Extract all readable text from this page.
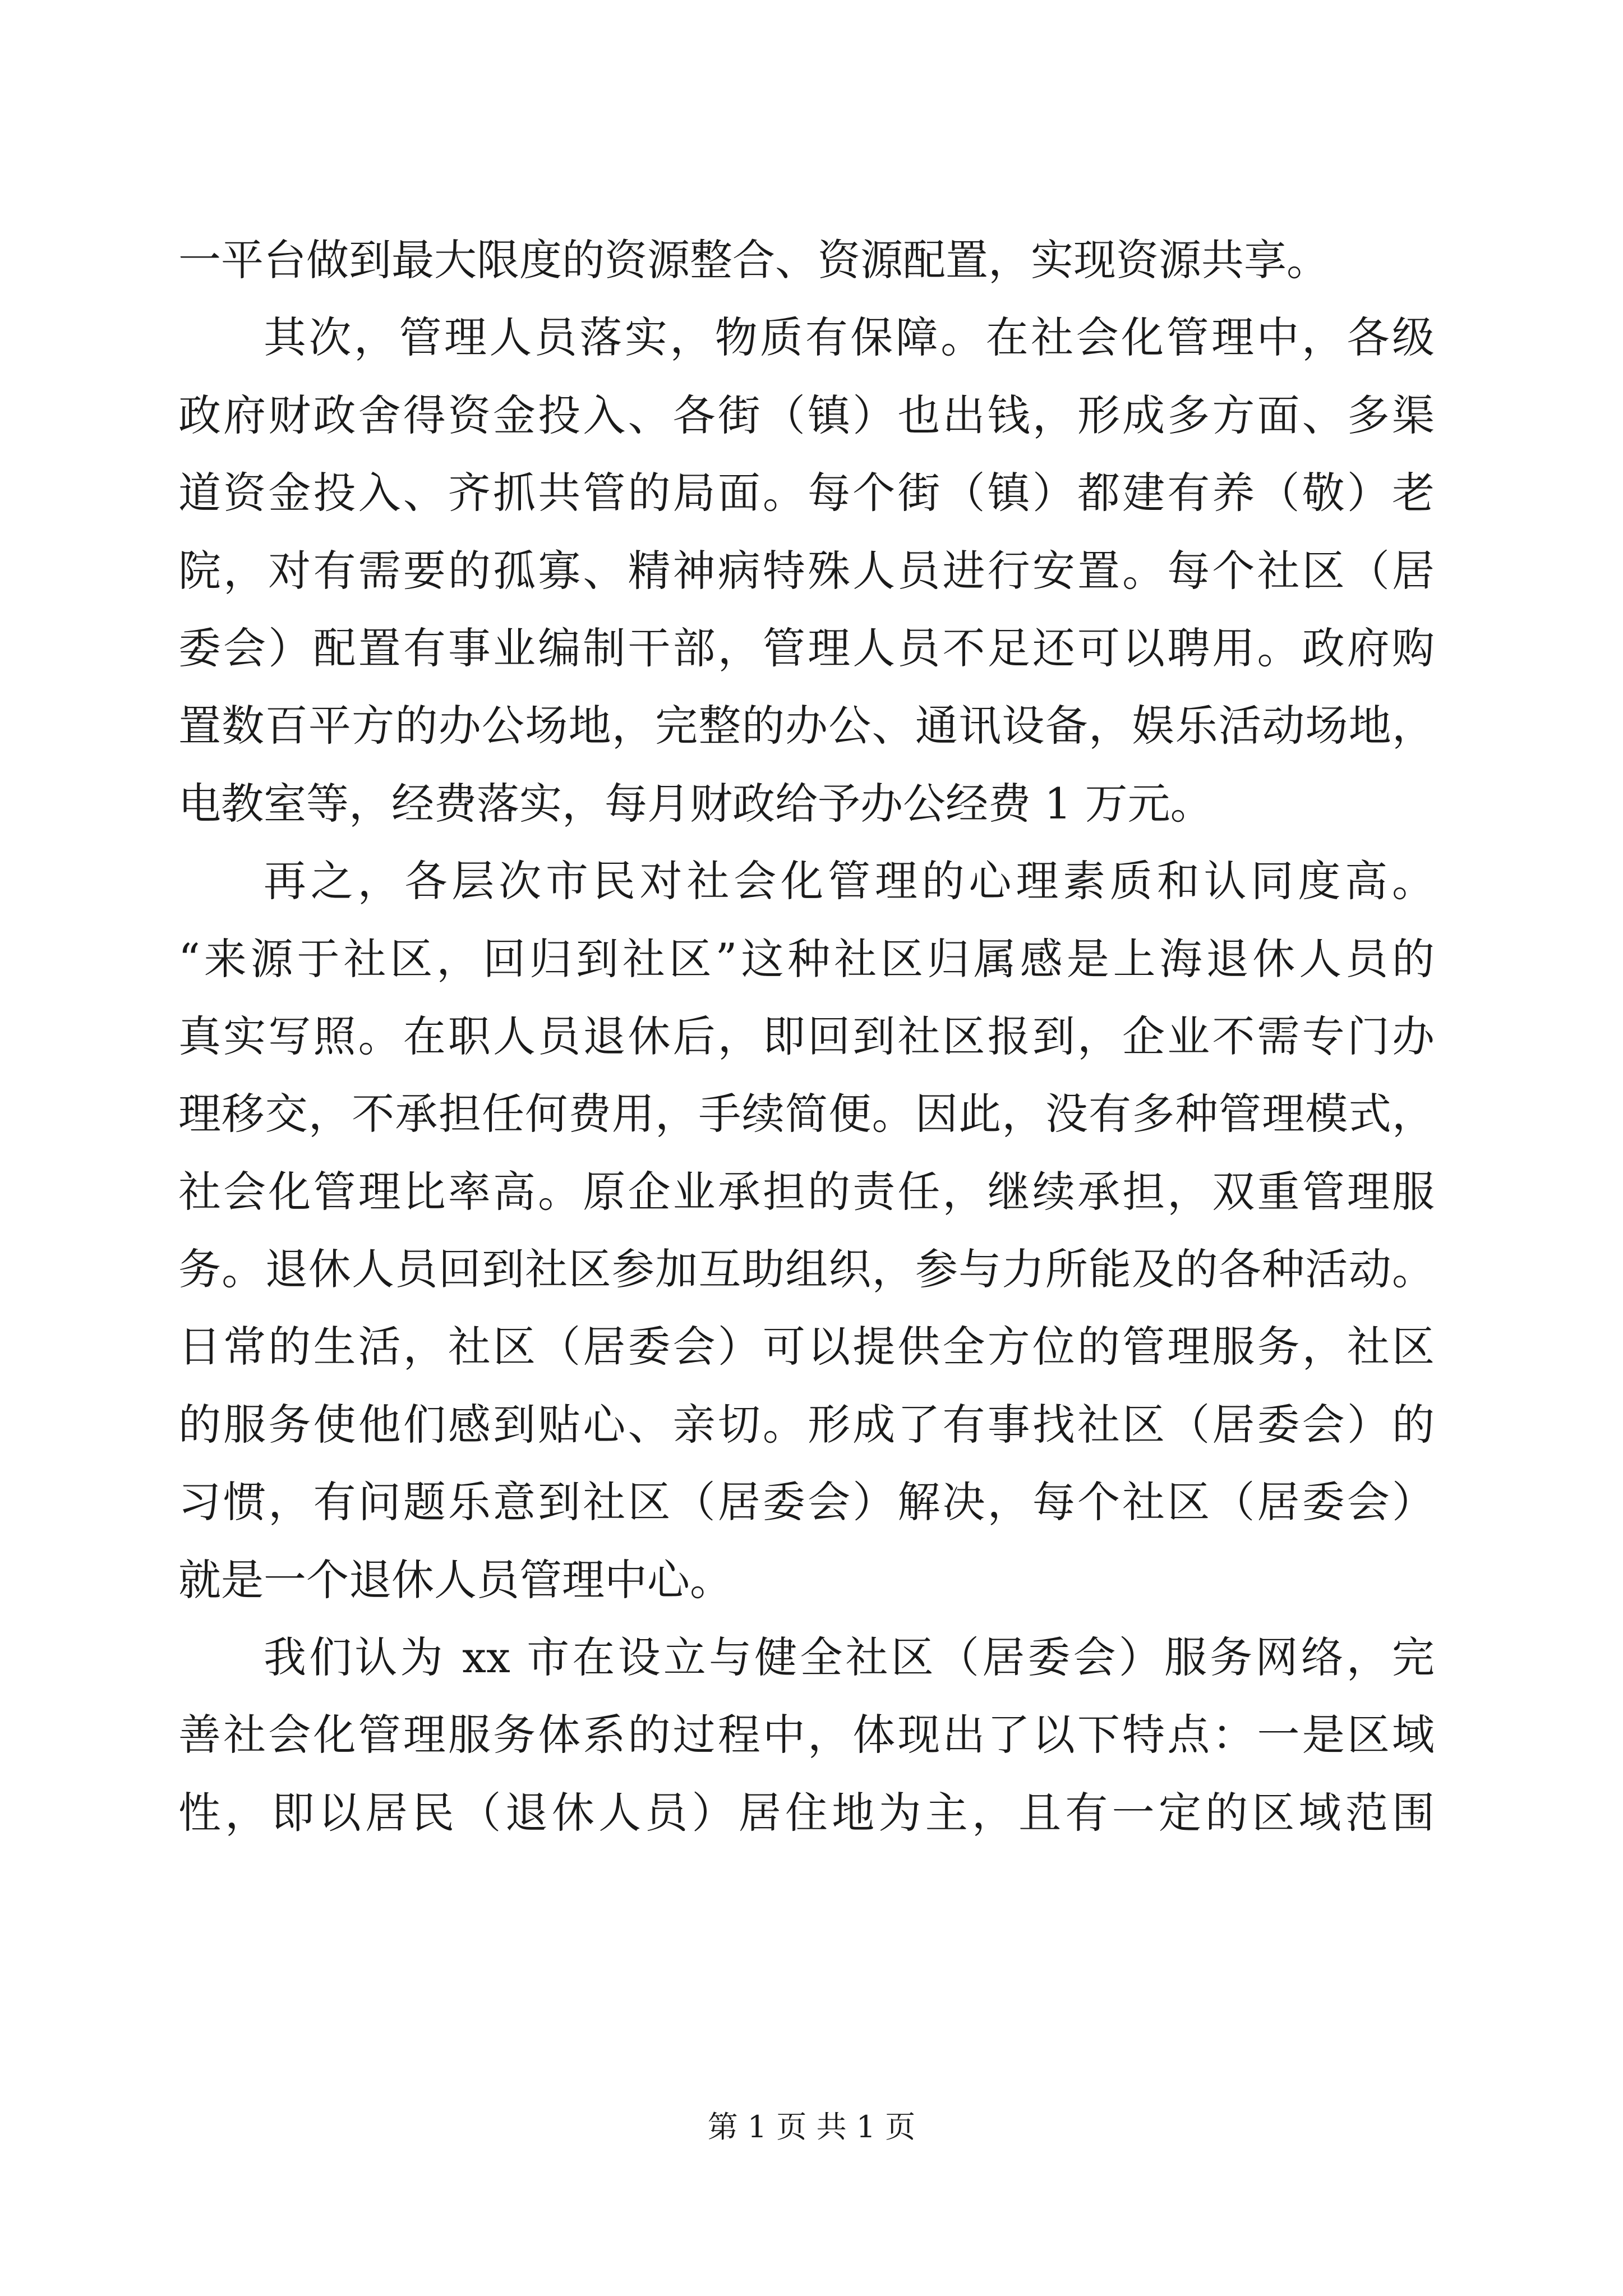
一平台做到最大限度的资源整合、资源配置，实现资源共享。
其次，管理人员落实，物质有保障。在社会化管理中，各级
政府财政舍得资金投入、各街（镇）也出钱，形成多方面、多渠
道资金投入、齐抓共管的局面。每个街（镇）都建有养（敬）老
院，对有需要的孤寡、精神病特殊人员进行安置。每个社区（居
委会）配置有事业编制干部，管理人员不足还可以聘用。政府购
置数百平方的办公场地，完整的办公、通讯设备，娱乐活动场地，
电教室等，经费落实，每月财政给予办公经费 1 万元。
再之，各层次市民对社会化管理的心理素质和认同度高。
“来源于社区，回归到社区”这种社区归属感是上海退休人员的
真实写照。在职人员退休后，即回到社区报到，企业不需专门办
理移交，不承担任何费用，手续简便。因此，没有多种管理模式，
社会化管理比率高。原企业承担的责任，继续承担，双重管理服
务。退休人员回到社区参加互助组织，参与力所能及的各种活动。
日常的生活，社区（居委会）可以提供全方位的管理服务，社区
的服务使他们感到贴心、亲切。形成了有事找社区（居委会）的
习惯，有问题乐意到社区（居委会）解决，每个社区（居委会）
就是一个退休人员管理中心。
我们认为 xx 市在设立与健全社区（居委会）服务网络，完
善社会化管理服务体系的过程中，体现出了以下特点：一是区域
性，即以居民（退休人员）居住地为主，且有一定的区域范围
第 1 页 共 1 页
